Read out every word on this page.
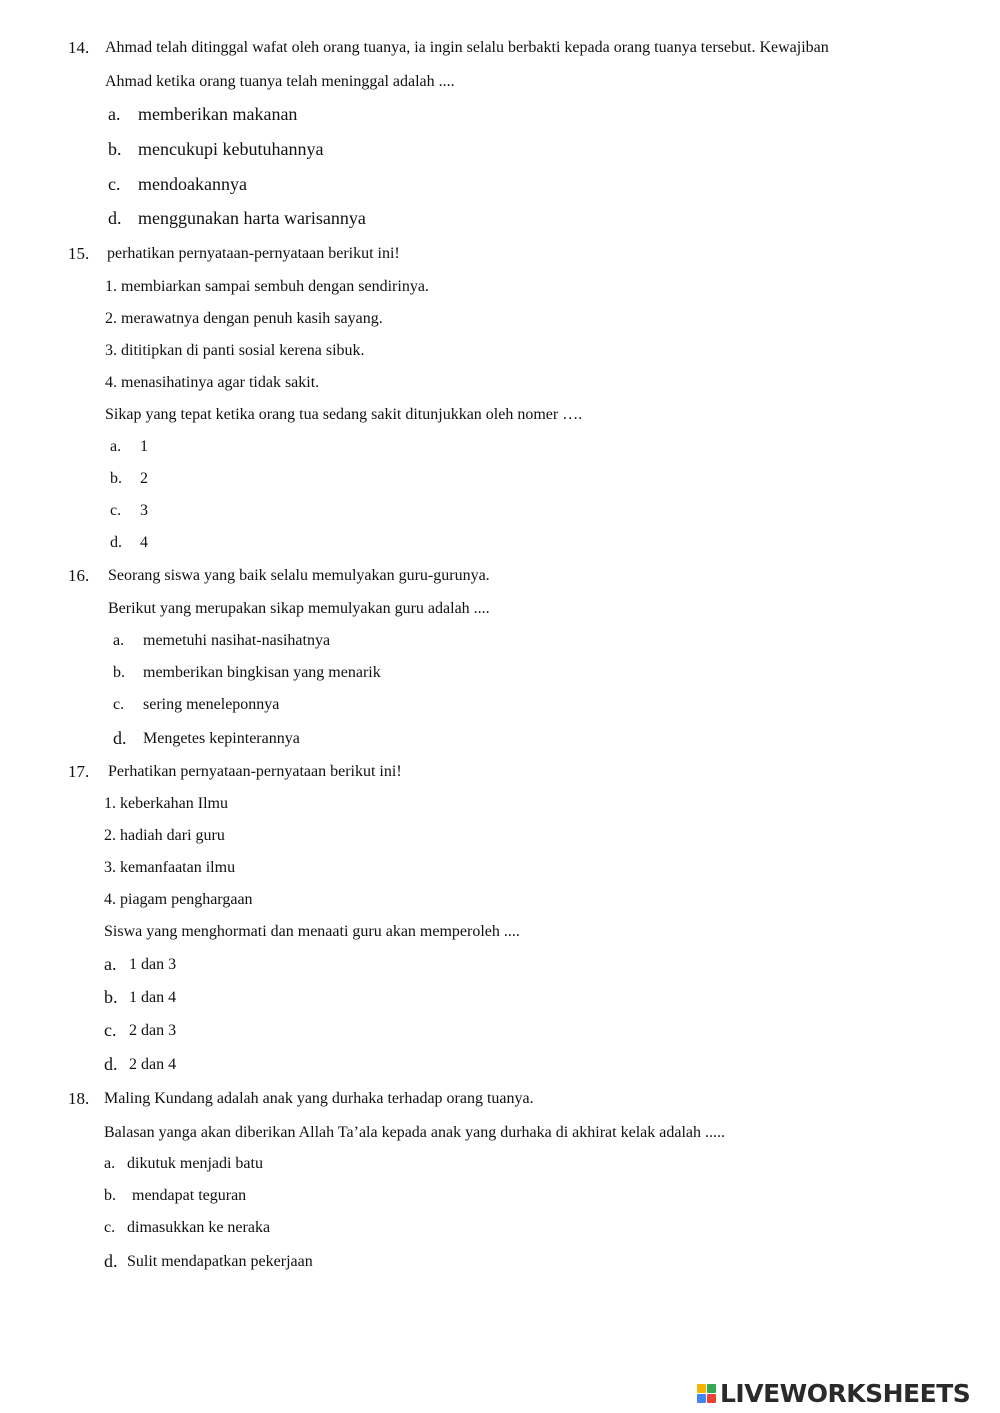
14. Ahmad telah ditinggal wafat oleh orang tuanya, ia ingin selalu berbakti kepada orang tuanya tersebut. Kewajiban
Ahmad ketika orang tuanya telah meninggal adalah ....
a. memberikan makanan
b. mencukupi kebutuhannya
c. mendoakannya
d. menggunakan harta warisannya
15. perhatikan pernyataan-pernyataan berikut ini!
1. membiarkan sampai sembuh dengan sendirinya.
2. merawatnya dengan penuh kasih sayang.
3. dititipkan di panti sosial kerena sibuk.
4. menasihatinya agar tidak sakit.
Sikap yang tepat ketika orang tua sedang sakit ditunjukkan oleh nomer ….
a. 1
b. 2
c. 3
d. 4
16. Seorang siswa yang baik selalu memulyakan guru-gurunya.
Berikut yang merupakan sikap memulyakan guru adalah ....
a. memetuhi nasihat-nasihatnya
b. memberikan bingkisan yang menarik
c. sering meneleponnya
d. Mengetes kepinterannya
17. Perhatikan pernyataan-pernyataan berikut ini!
1. keberkahan Ilmu
2. hadiah dari guru
3. kemanfaatan ilmu
4. piagam penghargaan
Siswa yang menghormati dan menaati guru akan memperoleh ....
a. 1 dan 3
b. 1 dan 4
c. 2 dan 3
d. 2 dan 4
18. Maling Kundang adalah anak yang durhaka terhadap orang tuanya.
Balasan yanga akan diberikan Allah Ta’ala kepada anak yang durhaka di akhirat kelak adalah .....
a. dikutuk menjadi batu
b. mendapat teguran
c. dimasukkan ke neraka
d. Sulit mendapatkan pekerjaan
LIVEWORKSHEETS
